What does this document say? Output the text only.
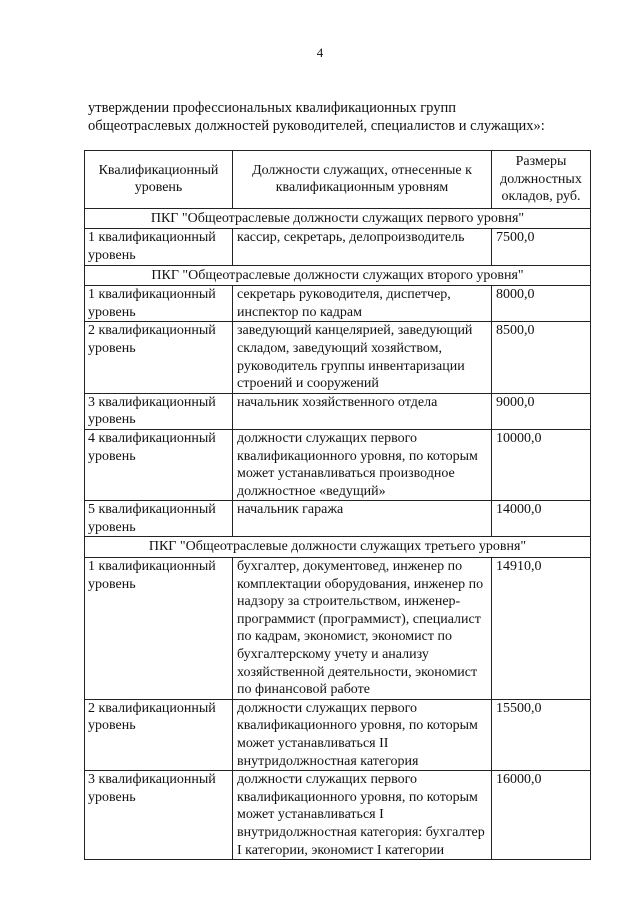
4
утверждении профессиональных квалификационных групп общеотраслевых должностей руководителей, специалистов и служащих»:
Квалификационный уровень	Должности служащих, отнесенные к квалификационным уровням	Размеры должностных окладов, руб.
ПКГ "Общеотраслевые должности служащих первого уровня"		
1 квалификационный уровень	кассир, секретарь, делопроизводитель	7500,0
ПКГ "Общеотраслевые должности служащих второго уровня"		
1 квалификационный уровень	секретарь руководителя, диспетчер, инспектор по кадрам	8000,0
2 квалификационный уровень	заведующий канцелярией, заведующий складом, заведующий хозяйством, руководитель группы инвентаризации строений и сооружений	8500,0
3 квалификационный уровень	начальник хозяйственного отдела	9000,0
4 квалификационный уровень	должности служащих первого квалификационного уровня, по которым может устанавливаться производное должностное «ведущий»	10000,0
5 квалификационный уровень	начальник гаража	14000,0
ПКГ "Общеотраслевые должности служащих третьего уровня"		
1 квалификационный уровень	бухгалтер, документовед, инженер по комплектации оборудования, инженер по надзору за строительством, инженер-программист (программист), специалист по кадрам, экономист, экономист по бухгалтерскому учету и анализу хозяйственной деятельности, экономист по финансовой работе	14910,0
2 квалификационный уровень	должности служащих первого квалификационного уровня, по которым может устанавливаться II внутридолжностная категория	15500,0
3 квалификационный уровень	должности служащих первого квалификационного уровня, по которым может устанавливаться I внутридолжностная категория: бухгалтер I категории, экономист I категории	16000,0
